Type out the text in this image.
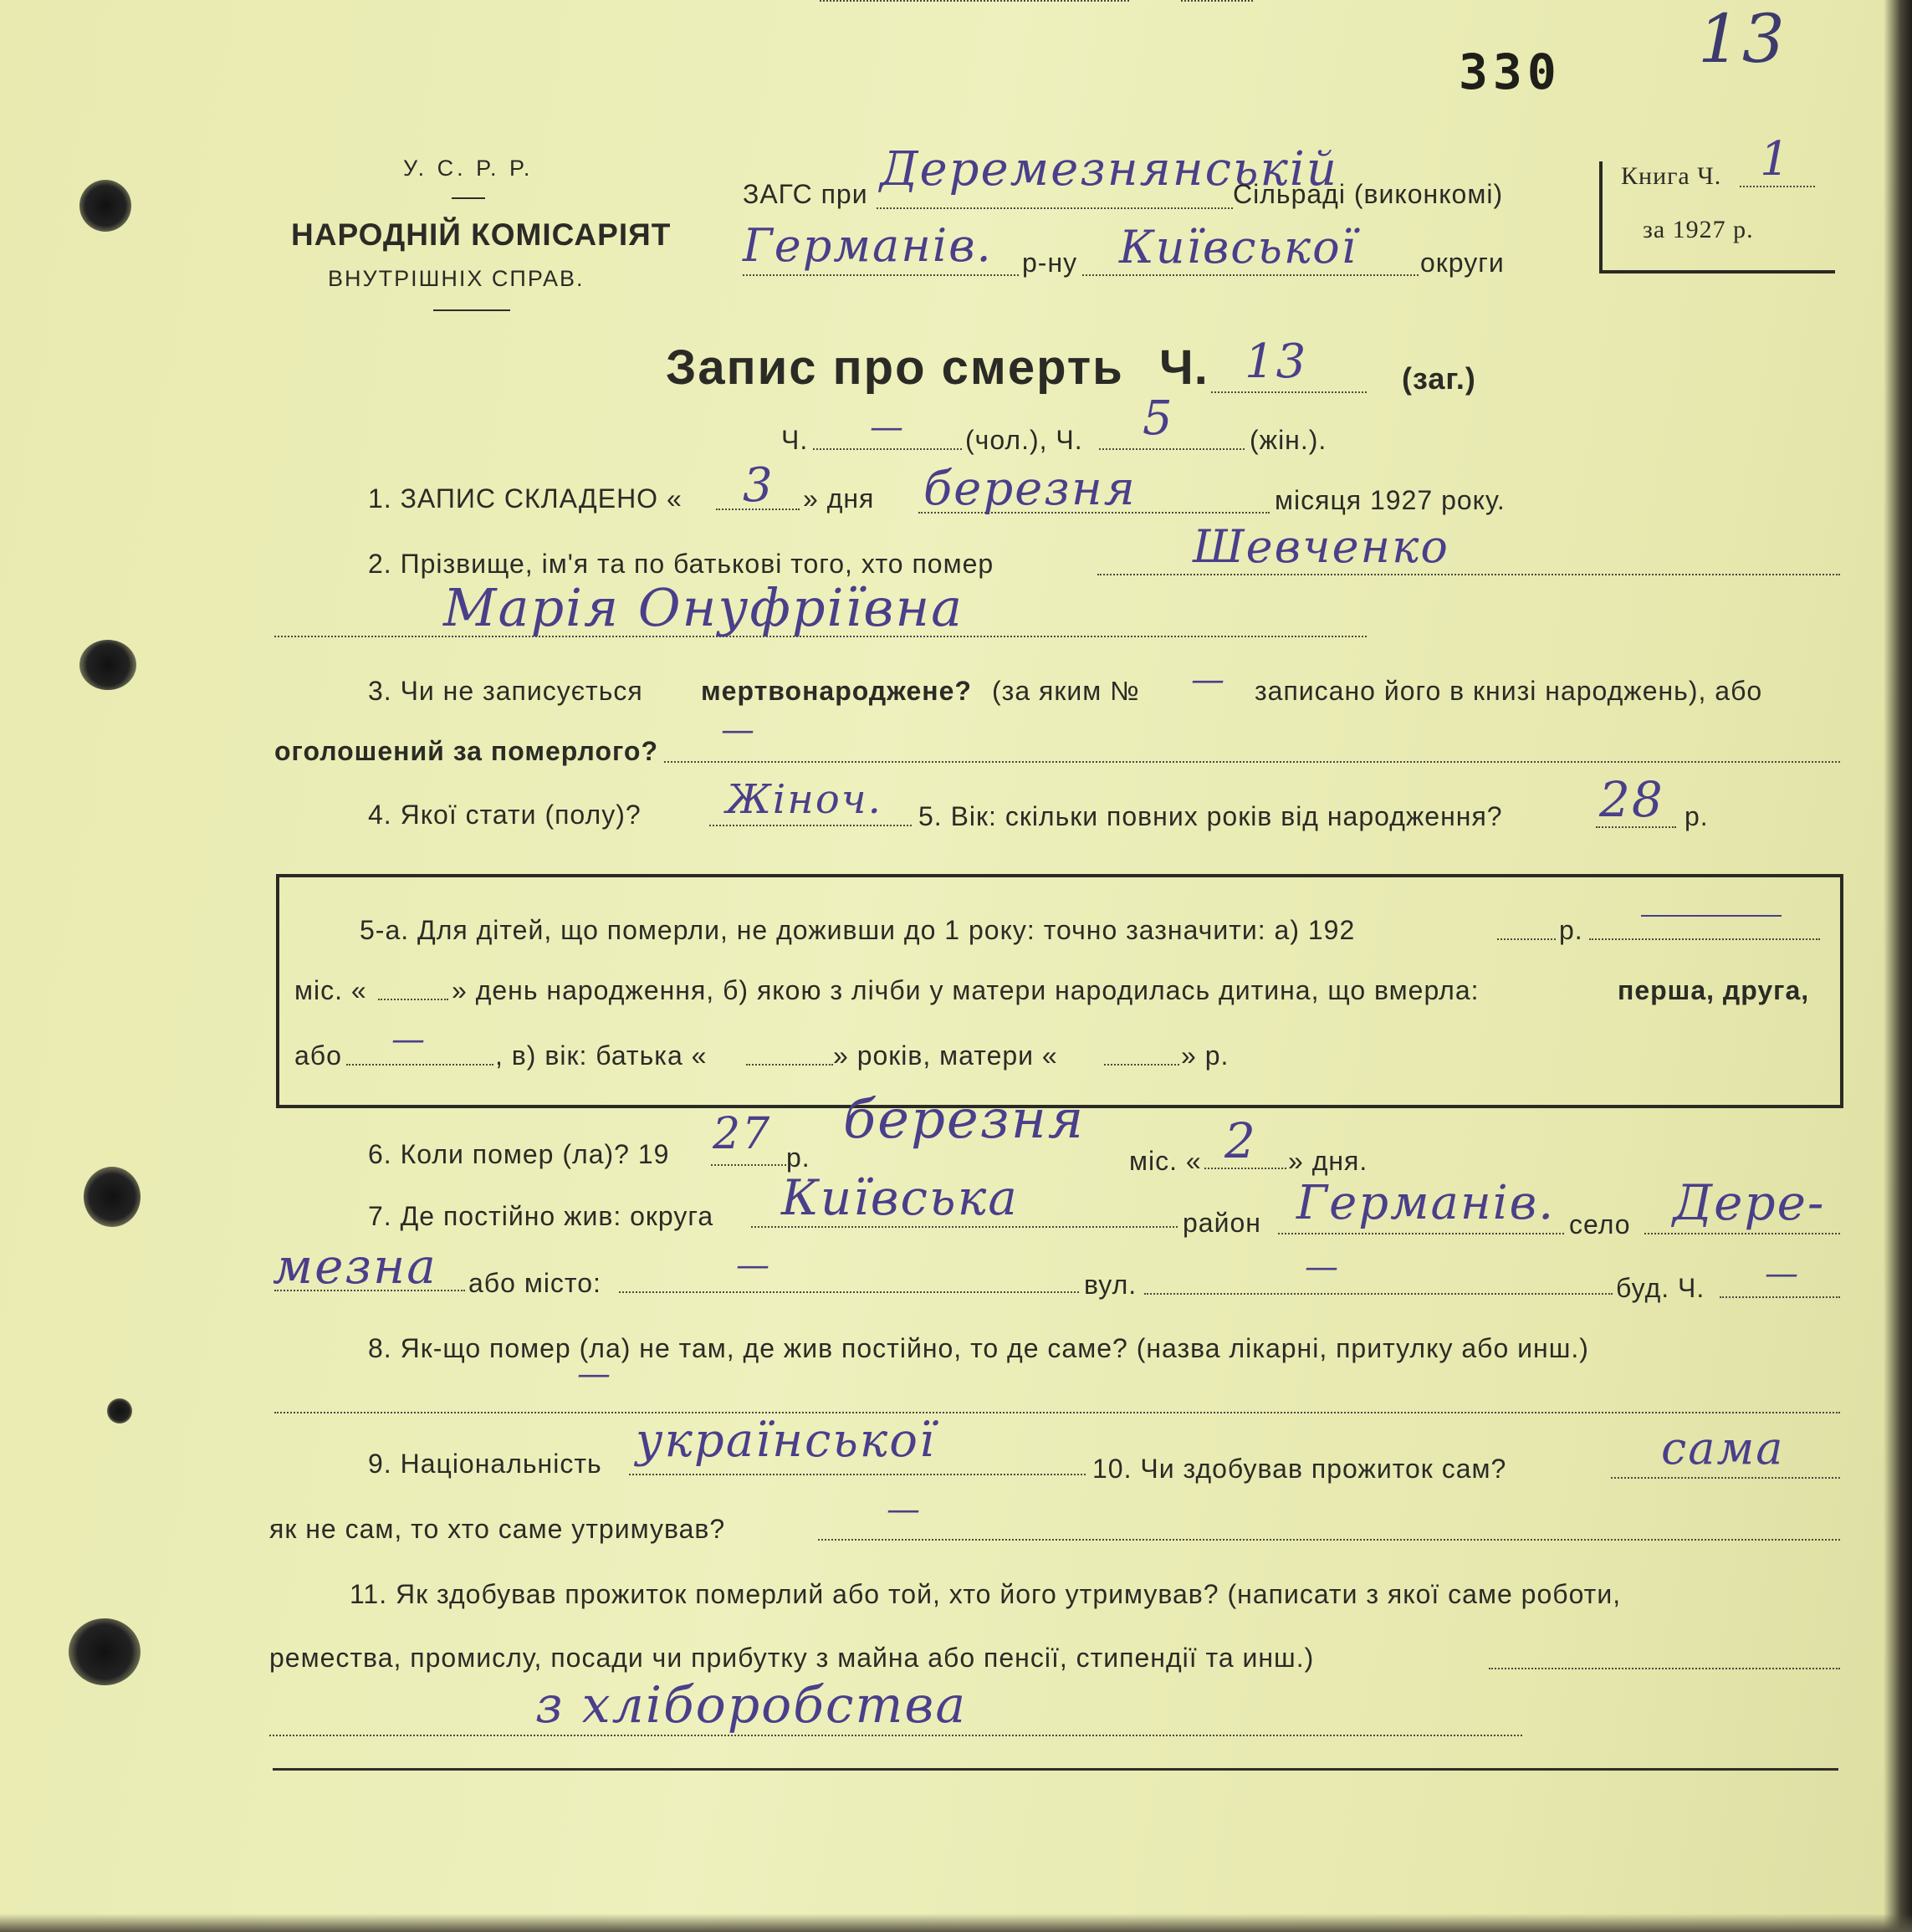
330 13
У. С. Р. Р.
НАРОДНІЙ КОМІСАРІЯТ
ВНУТРІШНІХ СПРАВ.
ЗАГС при Деремезнянській
Сільраді (виконкомі)
Германів. р-ну Київської округи
Книга Ч. 1
за 1927 р.
Запис про смерть Ч. 13	(заг.)
Ч. — (чол.), Ч. 5	(жін.).
1. ЗАПИС СКЛАДЕНО « 3 » дня березня	місяця 1927 року.
2. Прізвище, ім'я та по батькові того, хто помер	Шевченко
Марія Онуфріївна
3. Чи не записується мертвонароджене? (за яким № — записано його в книзі народжень), або
оголошений за померлого?
—
4. Якої стати (полу)? Жіноч. 5. Вік: скільки повних років від народження? 28 р.
5-а. Для дітей, що померли, не доживши до 1 року: точно зазначити: а) 192	р.
міс. «	» день народження, б) якою з лічби у матери народилась дитина, що вмерла:	перша, друга,
або —	, в) вік: батька «	» років, матери «	» р.
6. Коли помер (ла)? 19 27 р.
березня
міс. « 2 » дня.
7. Де постійно жив: округа Київська	район Германів. село Дере-
мезна або місто:	—	вул.	—
буд. Ч. —
8. Як-що помер (ла) не там, де жив постійно, то де саме? (назва лікарні, притулку або инш.)
—
9. Національність української
10. Чи здобував прожиток сам?	сама
як не сам, то хто саме утримував?	—
11. Як здобував прожиток померлий або той, хто його утримував? (написати з якої саме роботи,
ремества, промислу, посади чи прибутку з майна або пенсії, стипендії та инш.)
з хліборобства
